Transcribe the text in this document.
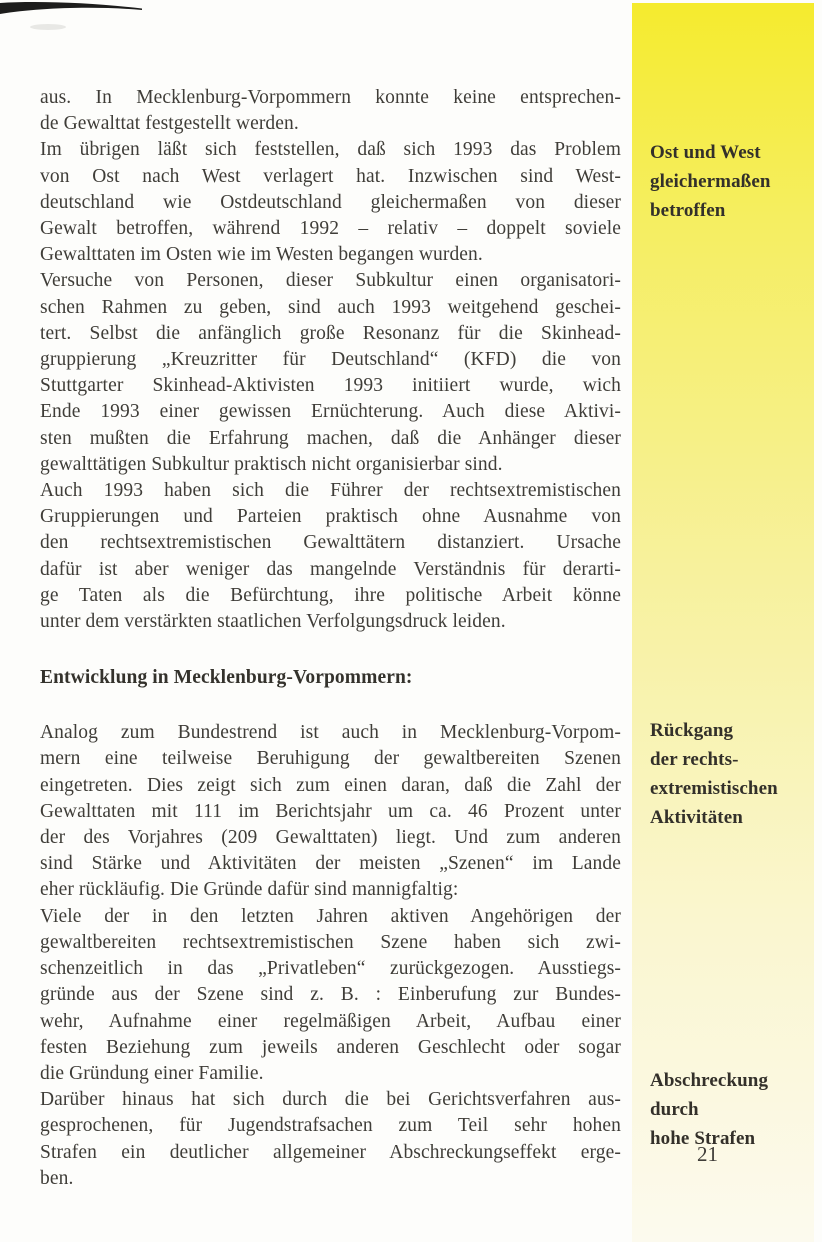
aus. In Mecklenburg-Vorpommern konnte keine entsprechen-
de Gewalttat festgestellt werden.
Im übrigen läßt sich feststellen, daß sich 1993 das Problem
von Ost nach West verlagert hat. Inzwischen sind West-
deutschland wie Ostdeutschland gleichermaßen von dieser
Gewalt betroffen, während 1992 – relativ – doppelt soviele
Gewalttaten im Osten wie im Westen begangen wurden.
Versuche von Personen, dieser Subkultur einen organisatori-
schen Rahmen zu geben, sind auch 1993 weitgehend geschei-
tert. Selbst die anfänglich große Resonanz für die Skinhead-
gruppierung „Kreuzritter für Deutschland“ (KFD) die von
Stuttgarter Skinhead-Aktivisten 1993 initiiert wurde, wich
Ende 1993 einer gewissen Ernüchterung. Auch diese Aktivi-
sten mußten die Erfahrung machen, daß die Anhänger dieser
gewalttätigen Subkultur praktisch nicht organisierbar sind.
Auch 1993 haben sich die Führer der rechtsextremistischen
Gruppierungen und Parteien praktisch ohne Ausnahme von
den rechtsextremistischen Gewalttätern distanziert. Ursache
dafür ist aber weniger das mangelnde Verständnis für derarti-
ge Taten als die Befürchtung, ihre politische Arbeit könne
unter dem verstärkten staatlichen Verfolgungsdruck leiden.
Entwicklung in Mecklenburg-Vorpommern:
Analog zum Bundestrend ist auch in Mecklenburg-Vorpom-
mern eine teilweise Beruhigung der gewaltbereiten Szenen
eingetreten. Dies zeigt sich zum einen daran, daß die Zahl der
Gewalttaten mit 111 im Berichtsjahr um ca. 46 Prozent unter
der des Vorjahres (209 Gewalttaten) liegt. Und zum anderen
sind Stärke und Aktivitäten der meisten „Szenen“ im Lande
eher rückläufig. Die Gründe dafür sind mannigfaltig:
Viele der in den letzten Jahren aktiven Angehörigen der
gewaltbereiten rechtsextremistischen Szene haben sich zwi-
schenzeitlich in das „Privatleben“ zurückgezogen. Ausstiegs-
gründe aus der Szene sind z. B. : Einberufung zur Bundes-
wehr, Aufnahme einer regelmäßigen Arbeit, Aufbau einer
festen Beziehung zum jeweils anderen Geschlecht oder sogar
die Gründung einer Familie.
Darüber hinaus hat sich durch die bei Gerichtsverfahren aus-
gesprochenen, für Jugendstrafsachen zum Teil sehr hohen
Strafen ein deutlicher allgemeiner Abschreckungseffekt erge-
ben.
21
Ost und West
gleichermaßen
betroffen
Rückgang
der rechts-
extremistischen
Aktivitäten
Abschreckung
durch
hohe Strafen
